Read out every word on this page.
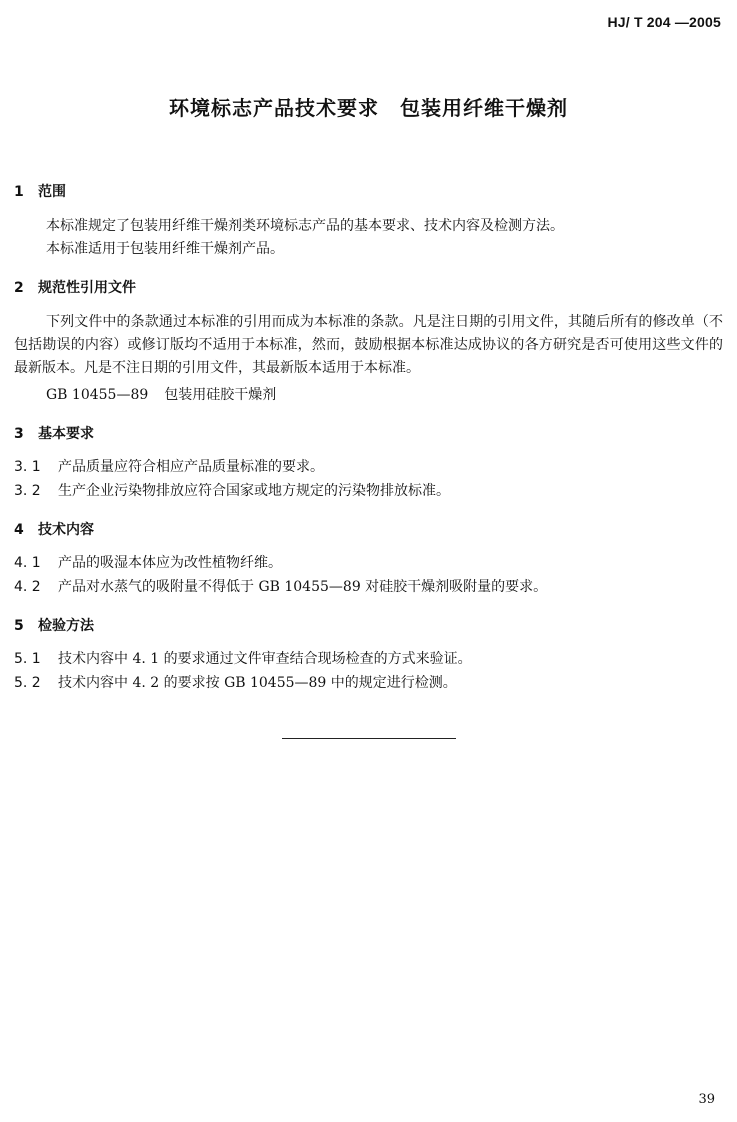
HJ/ T 204 —2005
环境标志产品技术要求　包装用纤维干燥剂
1 范围
本标准规定了包装用纤维干燥剂类环境标志产品的基本要求、技术内容及检测方法。
本标准适用于包装用纤维干燥剂产品。
2 规范性引用文件
下列文件中的条款通过本标准的引用而成为本标准的条款。凡是注日期的引用文件，其随后所有的修改单（不包括勘误的内容）或修订版均不适用于本标准，然而，鼓励根据本标准达成协议的各方研究是否可使用这些文件的最新版本。凡是不注日期的引用文件，其最新版本适用于本标准。
GB 10455—89 包装用硅胶干燥剂
3 基本要求
3. 1 产品质量应符合相应产品质量标准的要求。
3. 2 生产企业污染物排放应符合国家或地方规定的污染物排放标准。
4 技术内容
4. 1 产品的吸湿本体应为改性植物纤维。
4. 2 产品对水蒸气的吸附量不得低于 GB 10455—89 对硅胶干燥剂吸附量的要求。
5 检验方法
5. 1 技术内容中 4. 1 的要求通过文件审查结合现场检查的方式来验证。
5. 2 技术内容中 4. 2 的要求按 GB 10455—89 中的规定进行检测。
39
